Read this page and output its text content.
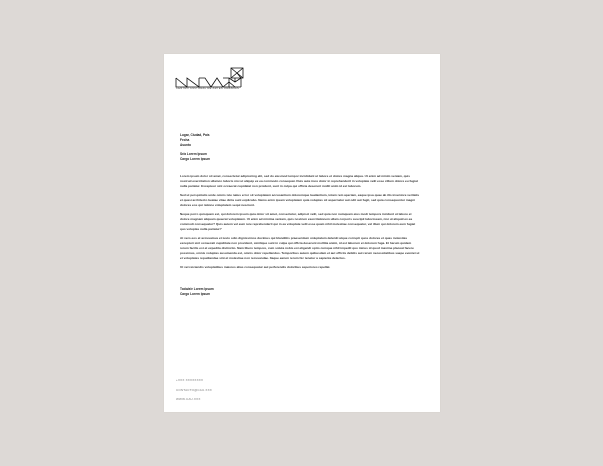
CENTRO CULTURAL DE ARTES URBANAS
Lugar, Ciudad, País
Fecha
Asunto
Sr/a Lorem Ipsum
Cargo Lorem Ipsum

Lorem ipsum dolor sit amet, consectetur adipisicing elit, sed do eiusmod tempor incididunt ut labore et dolore magna aliqua. Ut enim ad minim veniam, quis nostrud exercitation ullamco laboris nisi ut aliquip ex ea commodo consequat. Duis aute irure dolor in reprehenderit in voluptate velit esse cillum dolore eu fugiat nulla pariatur. Excepteur sint occaecat cupidatat non proident, sunt in culpa qui officia deserunt mollit anim id est laborum.

Sed ut perspiciatis unde omnis iste natus error sit voluptatem accusantium doloremque laudantium, totam rem aperiam, eaque ipsa quae ab illo inventore veritatis et quasi architecto beatae vitae dicta sunt explicabo. Nemo enim ipsam voluptatem quia voluptas sit aspernatur aut odit aut fugit, sed quia consequuntur magni dolores eos qui ratione voluptatem sequi nesciunt.

Neque porro quisquam est, qui dolorem ipsum quia dolor sit amet, consectetur, adipisci velit, sed quia non numquam eius modi tempora incidunt ut labore et dolore magnam aliquam quaerat voluptatem. Ut enim ad minima veniam, quis nostrum exercitationem ullam corporis suscipit laboriosam, nisi ut aliquid ex ea commodi consequatur? Quis autem vel eum iure reprehenderit qui in ea voluptate velit esse quam nihil molestiae consequatur, vel illum qui dolorem eum fugiat quo voluptas nulla pariatur?

At vero eos et accusamus et iusto odio dignissimos ducimus qui blanditiis praesentium voluptatum deleniti atque corrupti quos dolores et quas molestias excepturi sint occaecati cupiditate non provident, similique sunt in culpa qui officia deserunt mollitia animi, id est laborum et dolorum fuga. Et harum quidem rerum facilis est et expedita distinctio. Nam libero tempore, cum soluta nobis est eligendi optio cumque nihil impedit quo minus id quod maxime placeat facere possimus, omnis voluptas assumenda est, omnis dolor repellendus. Temporibus autem quibusdam et aut officiis debitis aut rerum necessitatibus saepe eveniet ut et voluptates repudiandae sint et molestiae non recusandae. Itaque earum rerum hic tenetur a sapiente delectus.

Ut vel reiciendis voluptatibus maiores alias consequatur aut perferendis doloribus asperiores repellat.

Todo/a/e Lorem Ipsum
Cargo Lorem Ipsum
+XXX XXXXXXXX
CONTACTO@CAU.XXX
WWW.CAU.XXX
